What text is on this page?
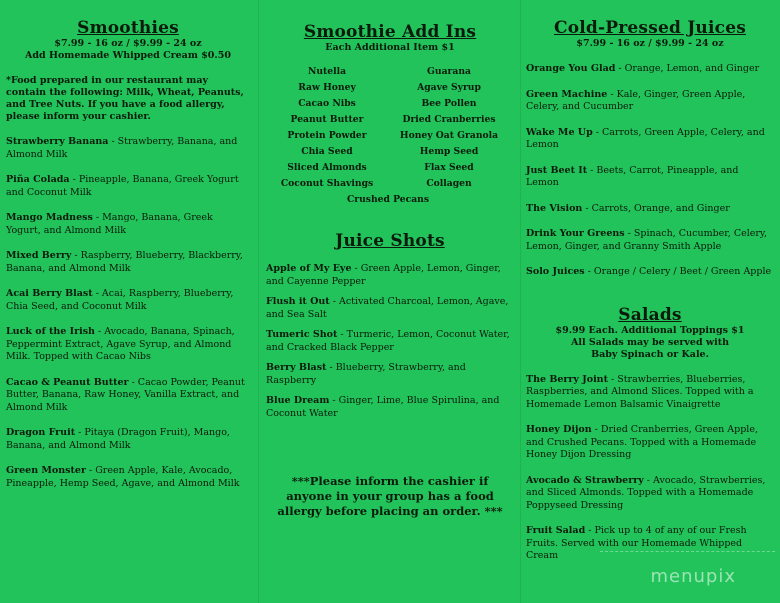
Smoothies
$7.99 - 16 oz / $9.99 - 24 oz
Add Homemade Whipped Cream $0.50
*Food prepared in our restaurant may contain the following: Milk, Wheat, Peanuts, and Tree Nuts. If you have a food allergy, please inform your cashier.
Strawberry Banana - Strawberry, Banana, and Almond Milk
Piña Colada - Pineapple, Banana, Greek Yogurt and Coconut Milk
Mango Madness - Mango, Banana, Greek Yogurt, and Almond Milk
Mixed Berry - Raspberry, Blueberry, Blackberry, Banana, and Almond Milk
Acai Berry Blast - Acai, Raspberry, Blueberry, Chia Seed, and Coconut Milk
Luck of the Irish - Avocado, Banana, Spinach, Peppermint Extract, Agave Syrup, and Almond Milk. Topped with Cacao Nibs
Cacao & Peanut Butter - Cacao Powder, Peanut Butter, Banana, Raw Honey, Vanilla Extract, and Almond Milk
Dragon Fruit - Pitaya (Dragon Fruit), Mango, Banana, and Almond Milk
Green Monster - Green Apple, Kale, Avocado, Pineapple, Hemp Seed, Agave, and Almond Milk
Smoothie Add Ins
Each Additional Item $1
Nutella	Guarana
Raw Honey	Agave Syrup
Cacao Nibs	Bee Pollen
Peanut Butter	Dried Cranberries
Protein Powder	Honey Oat Granola
Chia Seed	Hemp Seed
Sliced Almonds	Flax Seed
Coconut Shavings	Collagen
Crushed Pecans
Juice Shots
Apple of My Eye - Green Apple, Lemon, Ginger, and Cayenne Pepper
Flush it Out - Activated Charcoal, Lemon, Agave, and Sea Salt
Tumeric Shot - Turmeric, Lemon, Coconut Water, and Cracked Black Pepper
Berry Blast - Blueberry, Strawberry, and Raspberry
Blue Dream - Ginger, Lime, Blue Spirulina, and Coconut Water
***Please inform the cashier if anyone in your group has a food allergy before placing an order. ***
Cold-Pressed Juices
$7.99 - 16 oz / $9.99 - 24 oz
Orange You Glad - Orange, Lemon, and Ginger
Green Machine - Kale, Ginger, Green Apple, Celery, and Cucumber
Wake Me Up - Carrots, Green Apple, Celery, and Lemon
Just Beet It - Beets, Carrot, Pineapple, and Lemon
The Vision - Carrots, Orange, and Ginger
Drink Your Greens - Spinach, Cucumber, Celery, Lemon, Ginger, and Granny Smith Apple
Solo Juices - Orange / Celery / Beet / Green Apple
Salads
$9.99 Each. Additional Toppings $1
All Salads may be served with
Baby Spinach or Kale.
The Berry Joint - Strawberries, Blueberries, Raspberries, and Almond Slices. Topped with a Homemade Lemon Balsamic Vinaigrette
Honey Dijon - Dried Cranberries, Green Apple, and Crushed Pecans. Topped with a Homemade Honey Dijon Dressing
Avocado & Strawberry - Avocado, Strawberries, and Sliced Almonds. Topped with a Homemade Poppyseed Dressing
Fruit Salad - Pick up to 4 of any of our Fresh Fruits. Served with our Homemade Whipped Cream
menupix
